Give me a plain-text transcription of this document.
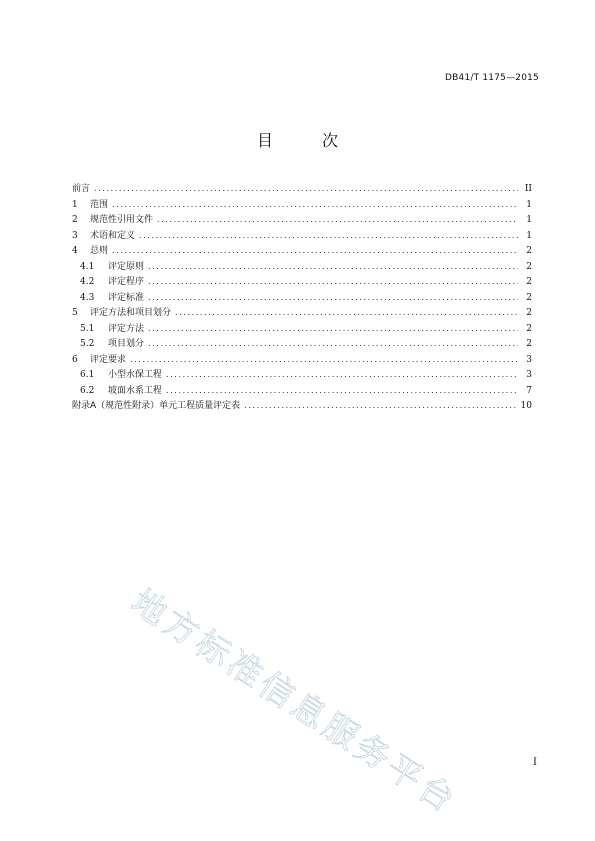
DB41/T 1175—2015
目 次
前言 .....	II
1	范围 .....	1
2	规范性引用文件 .....	1
3	术语和定义 .....	1
4	总则 .....	2
4.1	评定原则 .....	2
4.2	评定程序 .....	2
4.3	评定标准 .....	2
5	评定方法和项目划分 .....	2
5.1	评定方法 .....	2
5.2	项目划分 .....	2
6	评定要求 .....	3
6.1	小型水保工程 .....	3
6.2	坡面水系工程 .....	7
附录A（规范性附录）单元工程质量评定表 .....	10
地方标准信息服务平台	I
